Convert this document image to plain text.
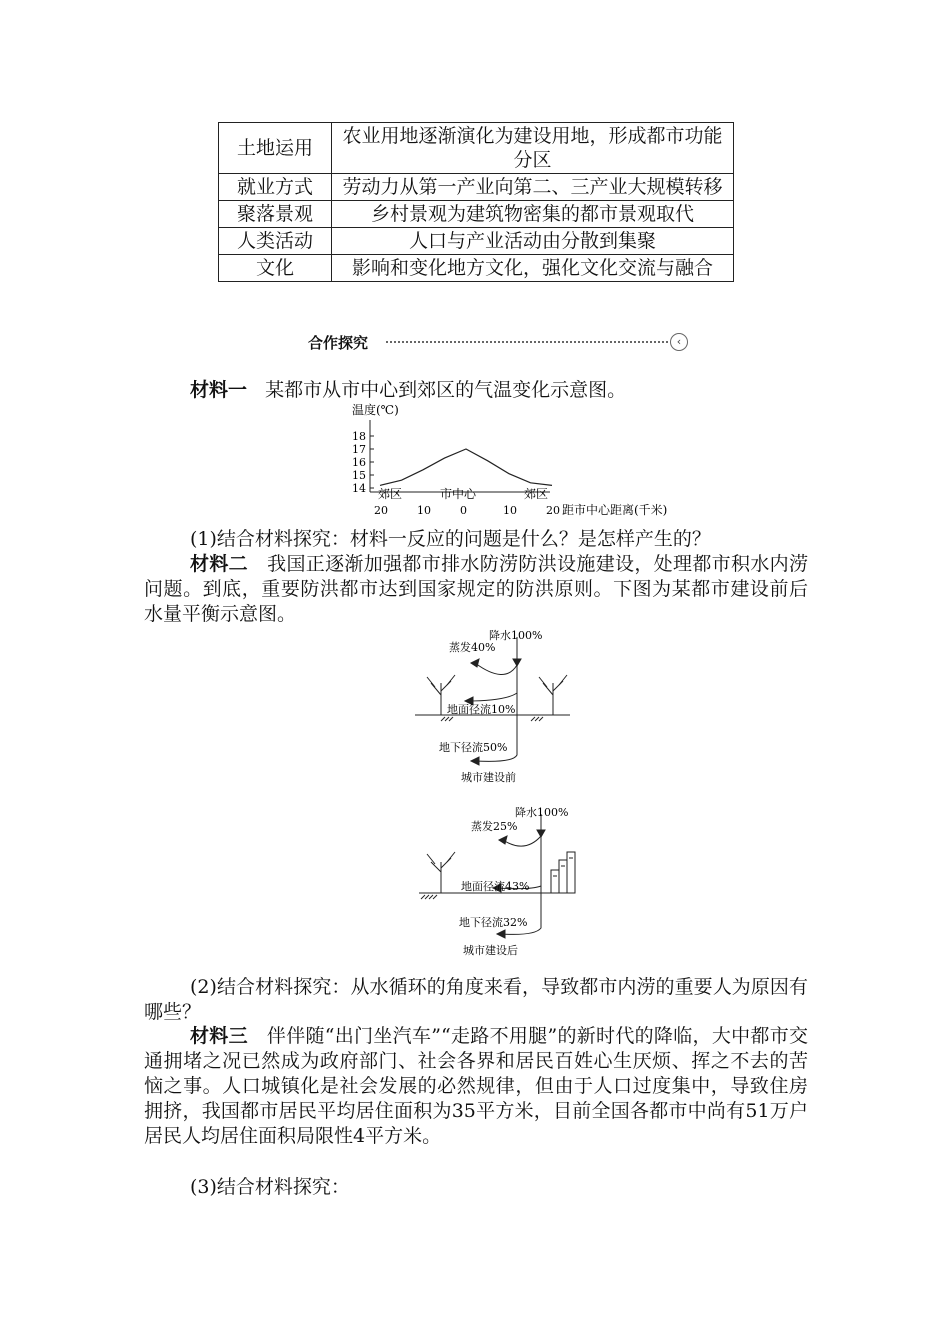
土地运用	农业用地逐渐演化为建设用地，形成都市功能分区
就业方式	劳动力从第一产业向第二、三产业大规模转移
聚落景观	乡村景观为建筑物密集的都市景观取代
人类活动	人口与产业活动由分散到集聚
文化	影响和变化地方文化，强化文化交流与融合
合作探究	‹
材料一 某都市从市中心到郊区的气温变化示意图。
温度(℃)
14
15
16
17
18
20	10	0	10	20
郊区	市中心	郊区
距市中心距离(千米)
(1)结合材料探究：材料一反应的问题是什么？是怎样产生的？
材料二 我国正逐渐加强都市排水防涝防洪设施建设，处理都市积水内涝问题。到底，重要防洪都市达到国家规定的防洪原则。下图为某都市建设前后水量平衡示意图。
降水100%
蒸发40%
地面径流10%
地下径流50%
城市建设前
降水100%
蒸发25%
地面径流43%
地下径流32%
城市建设后
(2)结合材料探究：从水循环的角度来看，导致都市内涝的重要人为原因有哪些？
材料三 伴伴随“出门坐汽车”“走路不用腿”的新时代的降临，大中都市交通拥堵之况已然成为政府部门、社会各界和居民百姓心生厌烦、挥之不去的苦恼之事。人口城镇化是社会发展的必然规律，但由于人口过度集中，导致住房拥挤，我国都市居民平均居住面积为35平方米，目前全国各都市中尚有51万户居民人均居住面积局限性4平方米。
(3)结合材料探究：
